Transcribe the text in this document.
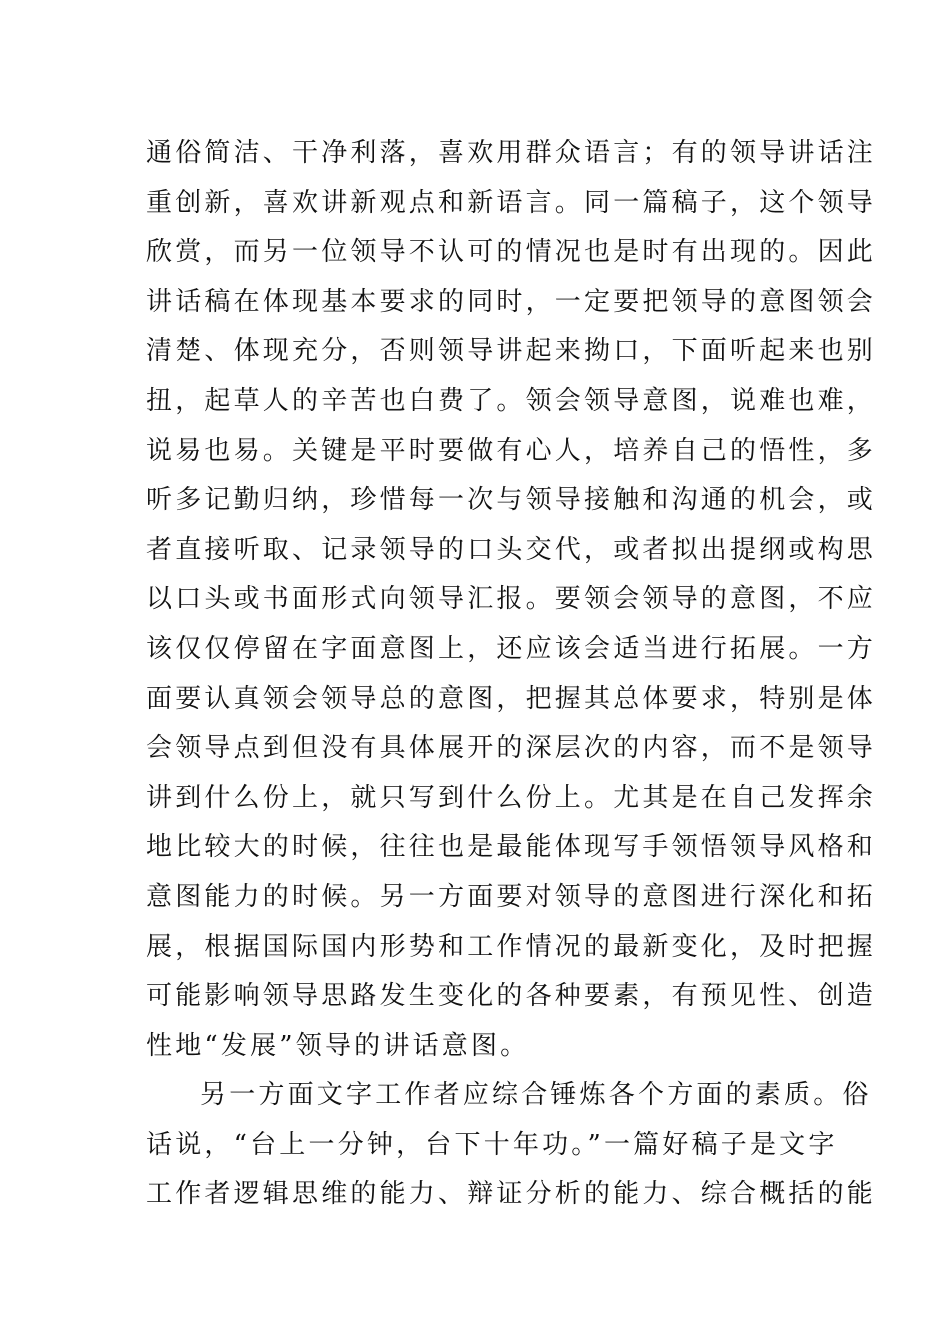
通俗简洁、干净利落，喜欢用群众语言；有的领导讲话注
重创新，喜欢讲新观点和新语言。同一篇稿子，这个领导
欣赏，而另一位领导不认可的情况也是时有出现的。因此
讲话稿在体现基本要求的同时，一定要把领导的意图领会
清楚、体现充分，否则领导讲起来拗口，下面听起来也别
扭，起草人的辛苦也白费了。领会领导意图，说难也难，
说易也易。关键是平时要做有心人，培养自己的悟性，多
听多记勤归纳，珍惜每一次与领导接触和沟通的机会，或
者直接听取、记录领导的口头交代，或者拟出提纲或构思
以口头或书面形式向领导汇报。要领会领导的意图，不应
该仅仅停留在字面意图上，还应该会适当进行拓展。一方
面要认真领会领导总的意图，把握其总体要求，特别是体
会领导点到但没有具体展开的深层次的内容，而不是领导
讲到什么份上，就只写到什么份上。尤其是在自己发挥余
地比较大的时候，往往也是最能体现写手领悟领导风格和
意图能力的时候。另一方面要对领导的意图进行深化和拓
展，根据国际国内形势和工作情况的最新变化，及时把握
可能影响领导思路发生变化的各种要素，有预见性、创造
性地“发展”领导的讲话意图。
另一方面文字工作者应综合锤炼各个方面的素质。俗
话说，“台上一分钟，台下十年功。”一篇好稿子是文字
工作者逻辑思维的能力、辩证分析的能力、综合概括的能
